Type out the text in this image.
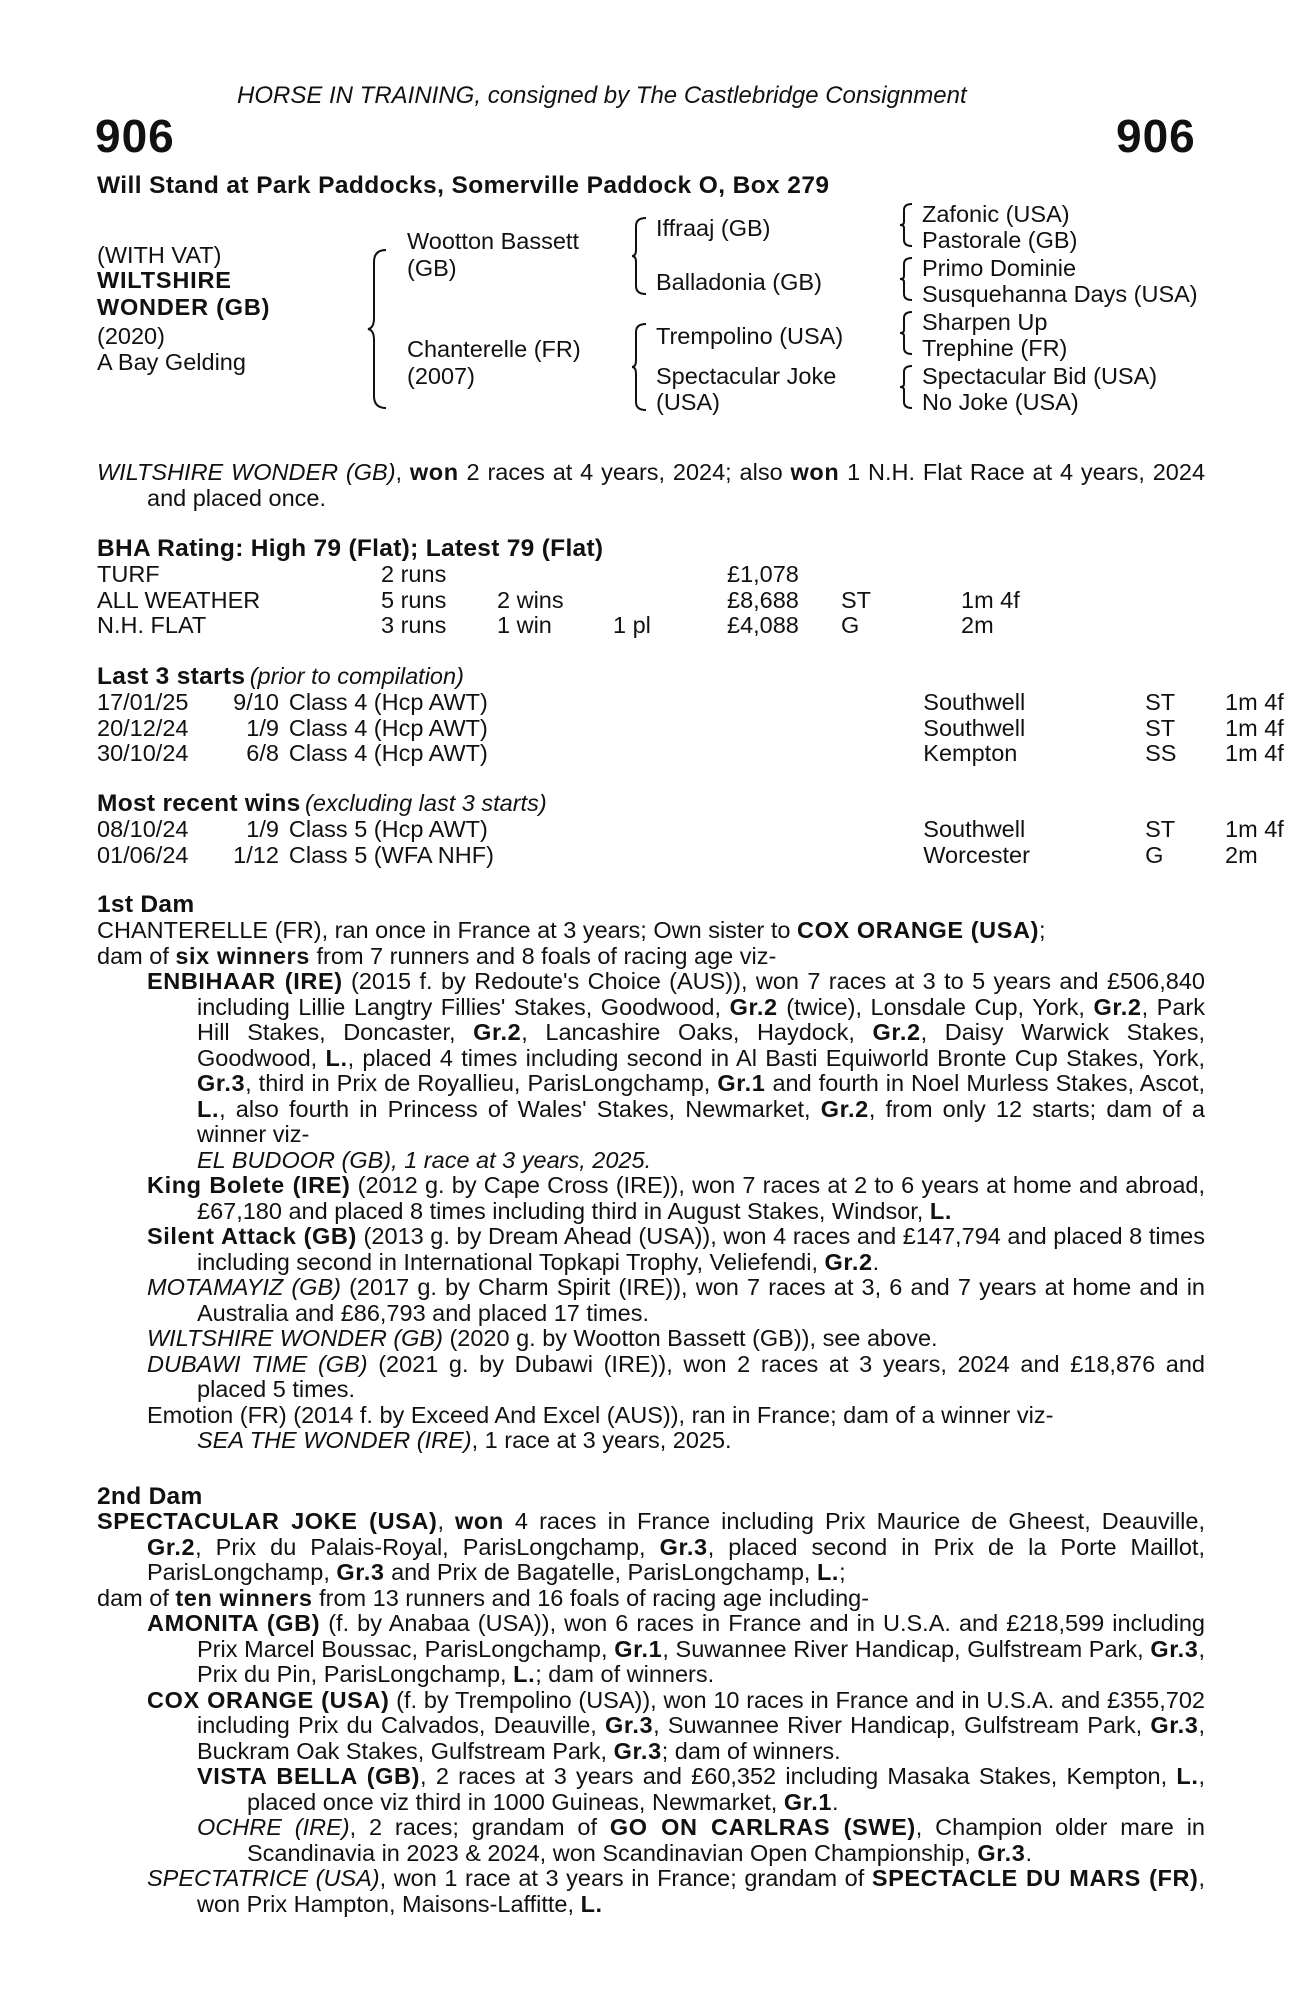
HORSE IN TRAINING, consigned by The Castlebridge Consignment
906	906
Will Stand at Park Paddocks, Somerville Paddock O, Box 279
(WITH VAT)
WILTSHIRE
WONDER (GB)
(2020)
A Bay Gelding
Wootton Bassett
(GB)
Chanterelle (FR)
(2007)
Iffraaj (GB)
Balladonia (GB)
Trempolino (USA)
Spectacular Joke
(USA)
Zafonic (USA)
Pastorale (GB)
Primo Dominie
Susquehanna Days (USA)
Sharpen Up
Trephine (FR)
Spectacular Bid (USA)
No Joke (USA)

WILTSHIRE WONDER (GB), won 2 races at 4 years, 2024; also won 1 N.H. Flat Race at 4 years, 2024 and placed once.

BHA Rating: High 79 (Flat); Latest 79 (Flat)
TURF	2 runs			£1,078		
ALL WEATHER	5 runs	2 wins		£8,688	ST	1m 4f
N.H. FLAT	3 runs	1 win	1 pl	£4,088	G	2m
Last 3 starts (prior to compilation)
17/01/25	9/10	Class 4 (Hcp AWT)	Southwell	ST	1m 4f
20/12/24	1/9	Class 4 (Hcp AWT)	Southwell	ST	1m 4f
30/10/24	6/8	Class 4 (Hcp AWT)	Kempton	SS	1m 4f
Most recent wins (excluding last 3 starts)
08/10/24	1/9	Class 5 (Hcp AWT)	Southwell	ST	1m 4f
01/06/24	1/12	Class 5 (WFA NHF)	Worcester	G	2m
1st Dam

CHANTERELLE (FR), ran once in France at 3 years; Own sister to COX ORANGE (USA);

dam of six winners from 7 runners and 8 foals of racing age viz-

ENBIHAAR (IRE) (2015 f. by Redoute's Choice (AUS)), won 7 races at 3 to 5 years and £506,840 including Lillie Langtry Fillies' Stakes, Goodwood, Gr.2 (twice), Lonsdale Cup, York, Gr.2, Park Hill Stakes, Doncaster, Gr.2, Lancashire Oaks, Haydock, Gr.2, Daisy Warwick Stakes, Goodwood, L., placed 4 times including second in Al Basti Equiworld Bronte Cup Stakes, York, Gr.3, third in Prix de Royallieu, ParisLongchamp, Gr.1 and fourth in Noel Murless Stakes, Ascot, L., also fourth in Princess of Wales' Stakes, Newmarket, Gr.2, from only 12 starts; dam of a winner viz-

EL BUDOOR (GB), 1 race at 3 years, 2025.

King Bolete (IRE) (2012 g. by Cape Cross (IRE)), won 7 races at 2 to 6 years at home and abroad, £67,180 and placed 8 times including third in August Stakes, Windsor, L.

Silent Attack (GB) (2013 g. by Dream Ahead (USA)), won 4 races and £147,794 and placed 8 times including second in International Topkapi Trophy, Veliefendi, Gr.2.

MOTAMAYIZ (GB) (2017 g. by Charm Spirit (IRE)), won 7 races at 3, 6 and 7 years at home and in Australia and £86,793 and placed 17 times.

WILTSHIRE WONDER (GB) (2020 g. by Wootton Bassett (GB)), see above.

DUBAWI TIME (GB) (2021 g. by Dubawi (IRE)), won 2 races at 3 years, 2024 and £18,876 and placed 5 times.

Emotion (FR) (2014 f. by Exceed And Excel (AUS)), ran in France; dam of a winner viz-

SEA THE WONDER (IRE), 1 race at 3 years, 2025.

2nd Dam

SPECTACULAR JOKE (USA), won 4 races in France including Prix Maurice de Gheest, Deauville, Gr.2, Prix du Palais-Royal, ParisLongchamp, Gr.3, placed second in Prix de la Porte Maillot, ParisLongchamp, Gr.3 and Prix de Bagatelle, ParisLongchamp, L.;

dam of ten winners from 13 runners and 16 foals of racing age including-

AMONITA (GB) (f. by Anabaa (USA)), won 6 races in France and in U.S.A. and £218,599 including Prix Marcel Boussac, ParisLongchamp, Gr.1, Suwannee River Handicap, Gulfstream Park, Gr.3, Prix du Pin, ParisLongchamp, L.; dam of winners.

COX ORANGE (USA) (f. by Trempolino (USA)), won 10 races in France and in U.S.A. and £355,702 including Prix du Calvados, Deauville, Gr.3, Suwannee River Handicap, Gulfstream Park, Gr.3, Buckram Oak Stakes, Gulfstream Park, Gr.3; dam of winners.

VISTA BELLA (GB), 2 races at 3 years and £60,352 including Masaka Stakes, Kempton, L., placed once viz third in 1000 Guineas, Newmarket, Gr.1.

OCHRE (IRE), 2 races; grandam of GO ON CARLRAS (SWE), Champion older mare in Scandinavia in 2023 & 2024, won Scandinavian Open Championship, Gr.3.

SPECTATRICE (USA), won 1 race at 3 years in France; grandam of SPECTACLE DU MARS (FR), won Prix Hampton, Maisons-Laffitte, L.
